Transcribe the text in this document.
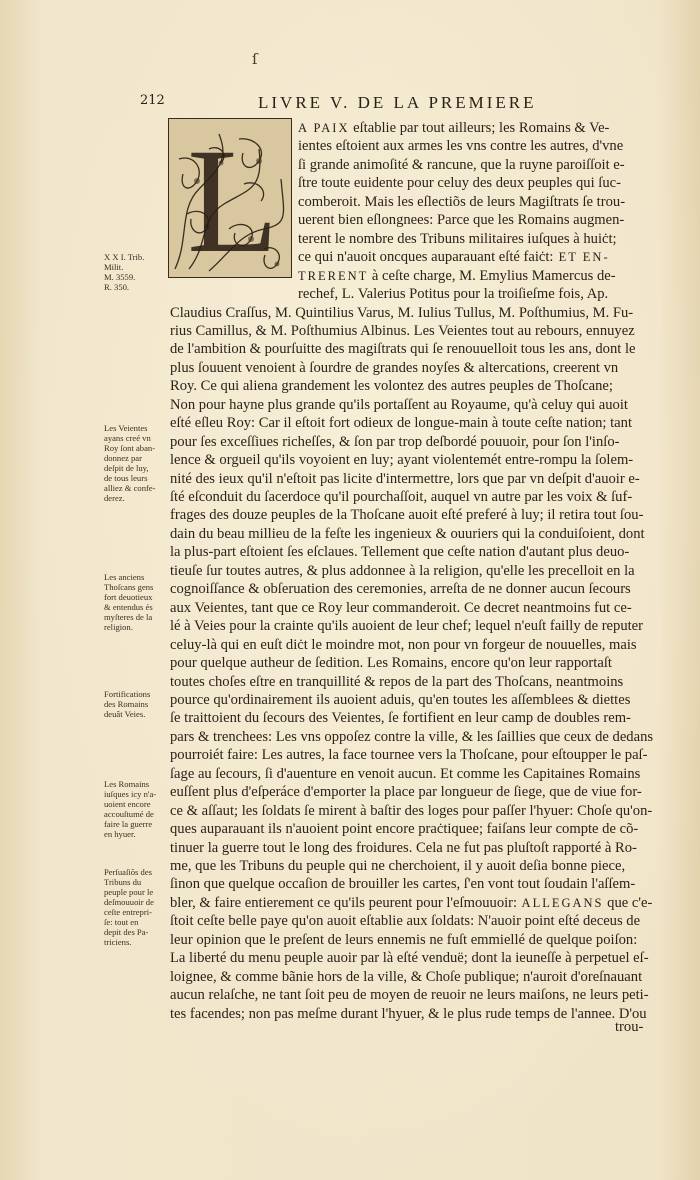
ſ
212	LIVRE V. DE LA PREMIERE
L A PAIX eſtablie par tout ailleurs; les Romains & Ve-
ientes eſtoient aux armes les vns contre les autres, d'vne
ſi grande animoſité & rancune, que la ruyne paroiſſoit e-
ſtre toute euidente pour celuy des deux peuples qui ſuc-
comberoit. Mais les eſlectiõs de leurs Magiſtrats ſe trou-
uerent bien eſlongnees: Parce que les Romains augmen-
terent le nombre des Tribuns militaires iuſques à huiċt;
ce qui n'auoit oncques auparauant eſté faiċt: ET EN-
TRERENT à ceſte charge, M. Emylius Mamercus de-
rechef, L. Valerius Potitus pour la troiſieſme fois, Ap.
Claudius Craſſus, M. Quintilius Varus, M. Iulius Tullus, M. Poſthumius, M. Fu-
rius Camillus, & M. Poſthumius Albinus. Les Veientes tout au rebours, ennuyez
de l'ambition & pourſuitte des magiſtrats qui ſe renouuelloit tous les ans, dont le
plus ſouuent venoient à ſourdre de grandes noyſes & altercations, creerent vn
Roy. Ce qui aliena grandement les volontez des autres peuples de Thoſcane;
Non pour hayne plus grande qu'ils portaſſent au Royaume, qu'à celuy qui auoit
eſté eſleu Roy: Car il eſtoit fort odieux de longue-main à toute ceſte nation; tant
pour ſes exceſſiues richeſſes, & ſon par trop deſbordé pouuoir, pour ſon l'inſo-
lence & orgueil qu'ils voyoient en luy; ayant violentemét entre-rompu la ſolem-
nité des ieux qu'il n'eſtoit pas licite d'intermettre, lors que par vn deſpit d'auoir e-
ſté eſconduit du ſacerdoce qu'il pourchaſſoit, auquel vn autre par les voix & ſuf-
frages des douze peuples de la Thoſcane auoit eſté preferé à luy; il retira tout ſou-
dain du beau millieu de la feſte les ingenieux & ouuriers qui la conduiſoient, dont
la plus-part eſtoient ſes eſclaues. Tellement que ceſte nation d'autant plus deuo-
tieuſe ſur toutes autres, & plus addonnee à la religion, qu'elle les precelloit en la
cognoiſſance & obſeruation des ceremonies, arreſta de ne donner aucun ſecours
aux Veientes, tant que ce Roy leur commanderoit. Ce decret neantmoins fut ce-
lé à Veies pour la crainte qu'ils auoient de leur chef; lequel n'euſt failly de reputer
celuy-là qui en euſt diċt le moindre mot, non pour vn forgeur de nouuelles, mais
pour quelque autheur de ſedition. Les Romains, encore qu'on leur rapportaſt
toutes choſes eſtre en tranquillité & repos de la part des Thoſcans, neantmoins
pource qu'ordinairement ils auoient aduis, qu'en toutes les aſſemblees & diettes
ſe traittoient du ſecours des Veientes, ſe fortifient en leur camp de doubles rem-
pars & trenchees: Les vns oppoſez contre la ville, & les ſaillies que ceux de dedans
pourroiét faire: Les autres, la face tournee vers la Thoſcane, pour eſtoupper le paſ-
ſage au ſecours, ſi d'auenture en venoit aucun. Et comme les Capitaines Romains
euſſent plus d'eſperáce d'emporter la place par longueur de ſiege, que de viue for-
ce & aſſaut; les ſoldats ſe mirent à baſtir des loges pour paſſer l'hyuer: Choſe qu'on-
ques auparauant ils n'auoient point encore praċtiquee; faiſans leur compte de cõ-
tinuer la guerre tout le long des froidures. Cela ne fut pas pluſtoſt rapporté à Ro-
me, que les Tribuns du peuple qui ne cherchoient, il y auoit deſia bonne piece,
ſinon que quelque occaſion de brouiller les cartes, ſ'en vont tout ſoudain l'aſſem-
bler, & faire entierement ce qu'ils peurent pour l'eſmouuoir: ALLEGANS que c'e-
ſtoit ceſte belle paye qu'on auoit eſtablie aux ſoldats: N'auoir point eſté deceus de
leur opinion que le preſent de leurs ennemis ne fuſt emmiellé de quelque poiſon:
La liberté du menu peuple auoir par là eſté venduë; dont la ieuneſſe à perpetuel eſ-
loignee, & comme bãnie hors de la ville, & Choſe publique; n'auroit d'oreſnauant
aucun relaſche, ne tant ſoit peu de moyen de reuoir ne leurs maiſons, ne leurs peti-
tes facendes; non pas meſme durant l'hyuer, & le plus rude temps de l'annee. D'ou
X X I. Trib.
Milit.
M. 3559.
R. 350.
Les Veientes
ayans creé vn
Roy ſont aban-
donnez par
deſpit de luy,
de tous leurs
alliez & confe-
derez.
Les anciens
Thoſcans gens
fort deuotieux
& entendus és
myſteres de la
religion.
Fortifications
des Romains
deuât Veies.
Les Romains
iuſques icy n'a-
uoient encore
accouſtumé de
faire la guerre
en hyuer.
Perſuaſiõs des
Tribuns du
peuple pour le
deſmouuoir de
ceſte entrepri-
ſe: tout en
depit des Pa-
triciens.
trou-
